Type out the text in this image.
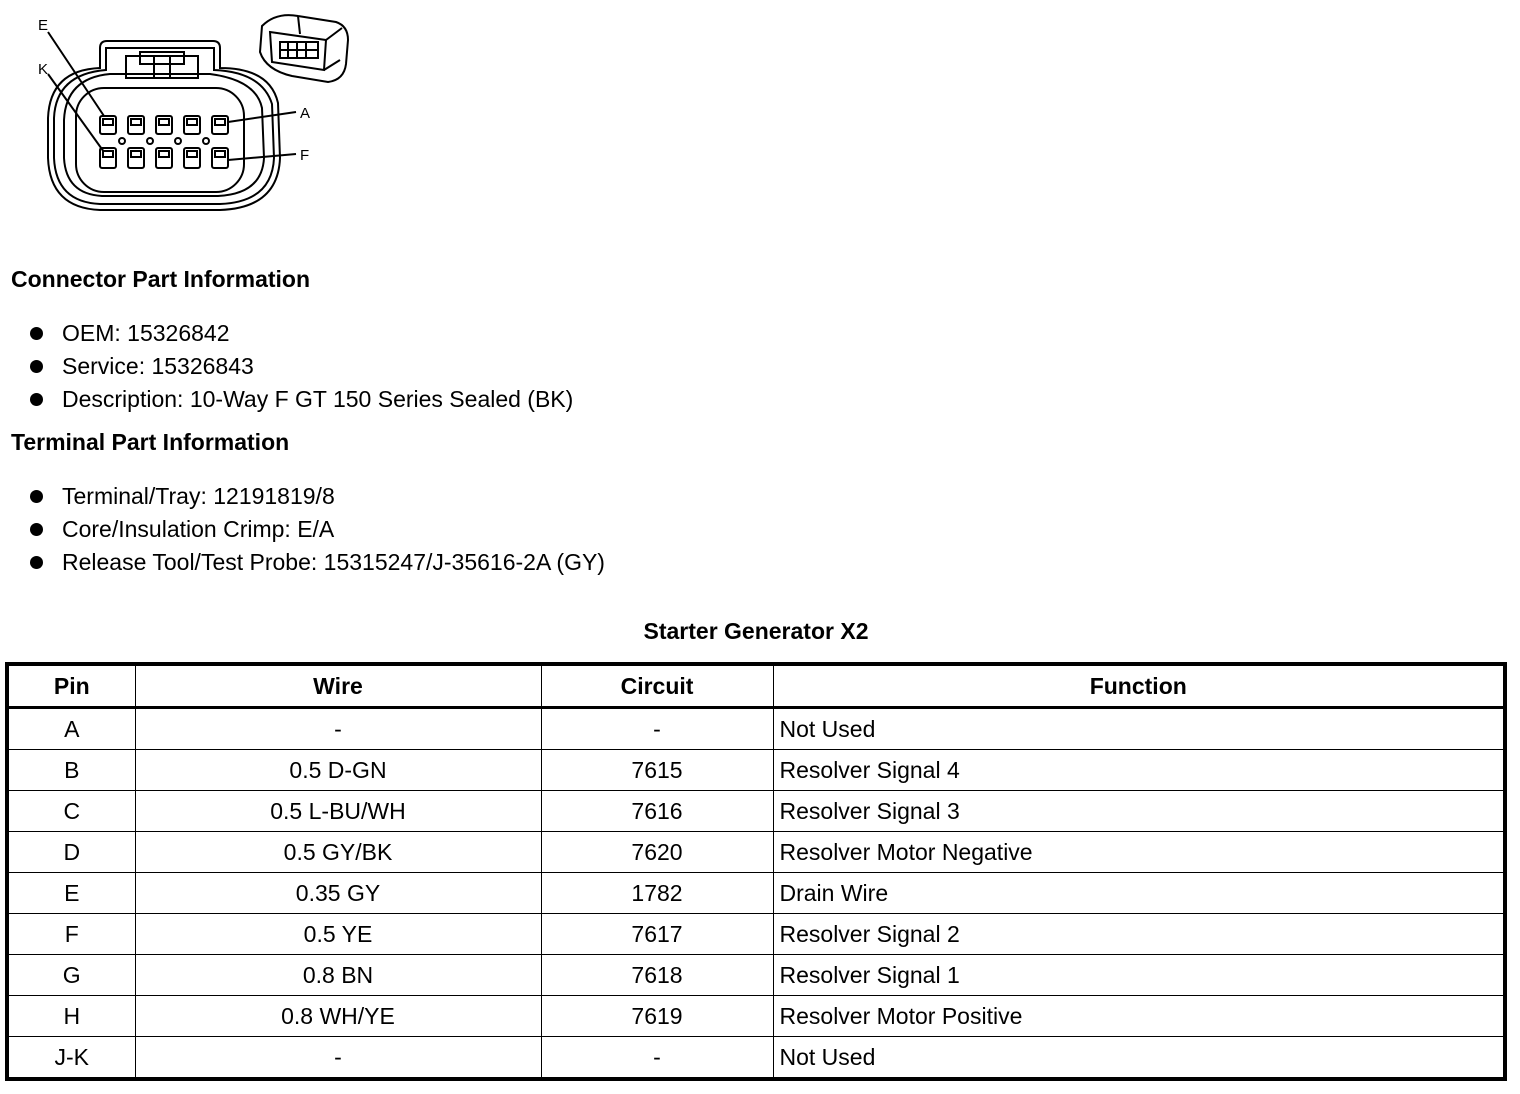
E
K
A
F
Connector Part Information
OEM: 15326842
Service: 15326843
Description: 10-Way F GT 150 Series Sealed (BK)
Terminal Part Information
Terminal/Tray: 12191819/8
Core/Insulation Crimp: E/A
Release Tool/Test Probe: 15315247/J-35616-2A (GY)
Starter Generator X2
Pin	Wire	Circuit	Function
A	-	-	Not Used
B	0.5 D-GN	7615	Resolver Signal 4
C	0.5 L-BU/WH	7616	Resolver Signal 3
D	0.5 GY/BK	7620	Resolver Motor Negative
E	0.35 GY	1782	Drain Wire
F	0.5 YE	7617	Resolver Signal 2
G	0.8 BN	7618	Resolver Signal 1
H	0.8 WH/YE	7619	Resolver Motor Positive
J-K	-	-	Not Used
